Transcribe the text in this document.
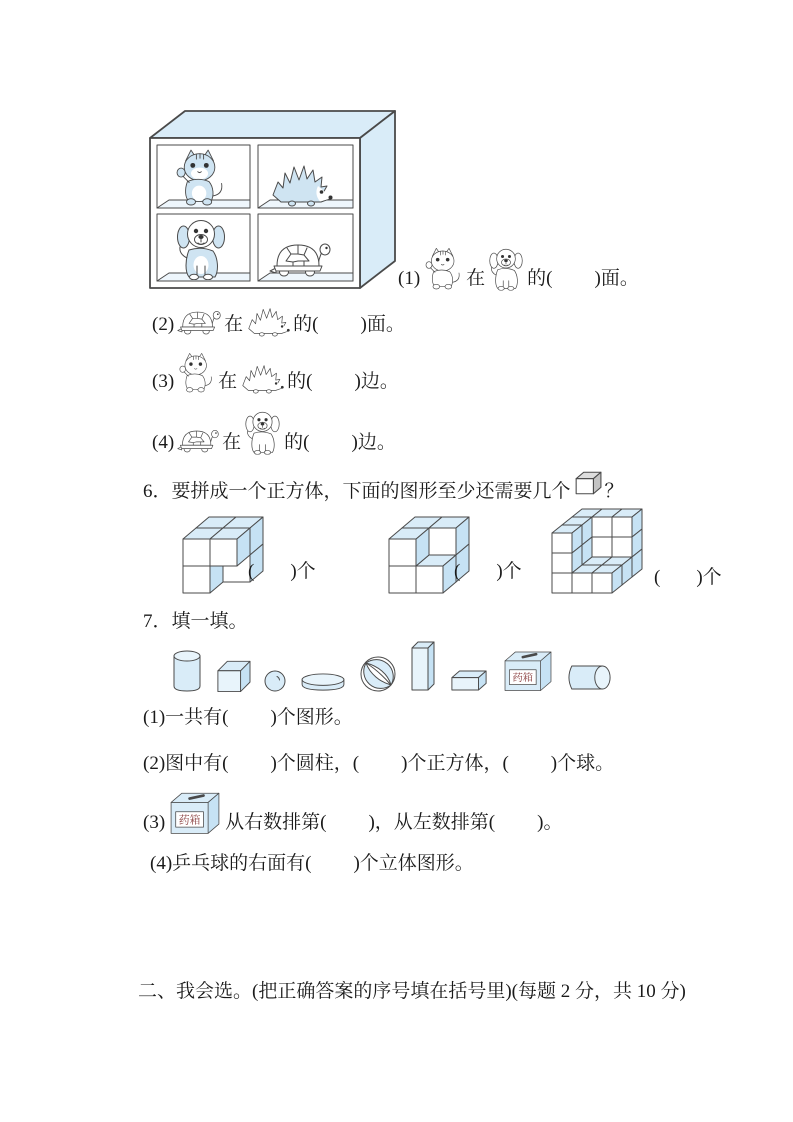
(1) 在 的( )面。
(2)	在	的( )面。
(3) 在	的( )边。
(4)	在 的( )边。
6． 要拼成一个正方体，下面的图形至少还需要几个 ？
( )个	( )个	( )个
7． 填一填。
(1)一共有( )个图形。
(2)图中有( )个圆柱，( )个正方体，( )个球。
(3)	从右数排第( )，从左数排第( )。
(4)乒乓球的右面有( )个立体图形。
二、我会选。(把正确答案的序号填在括号里)(每题 2 分，共 10 分)
